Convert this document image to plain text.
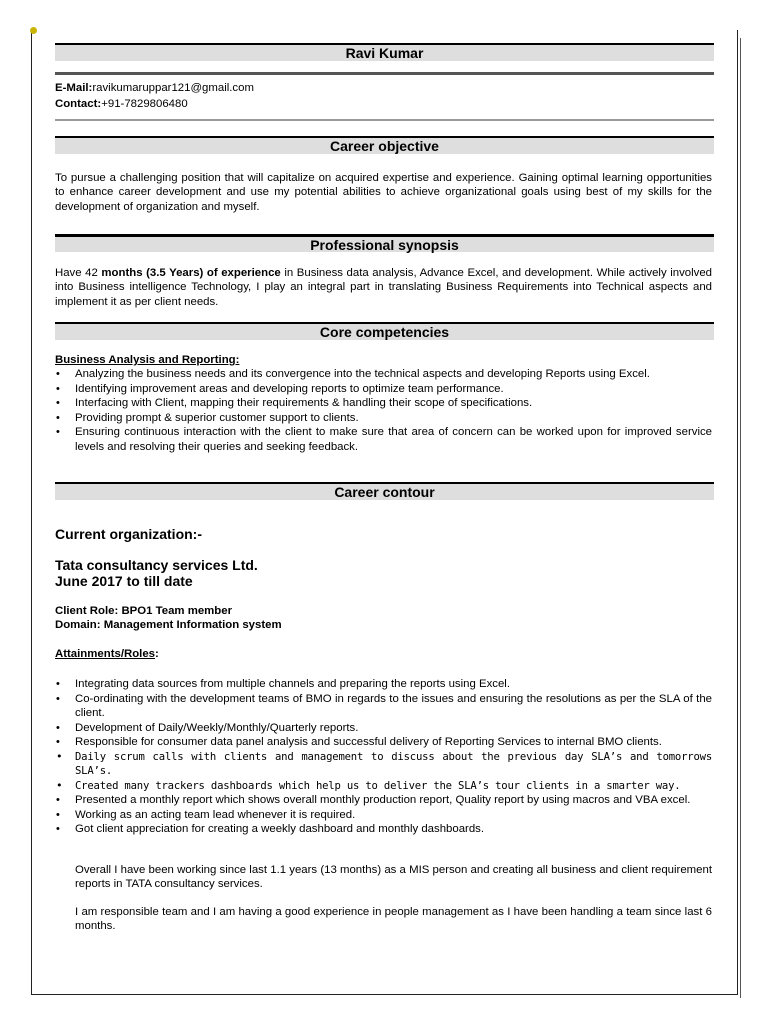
Ravi Kumar
E-Mail:ravikumaruppar121@gmail.com
Contact:+91-7829806480
Career objective
To pursue a challenging position that will capitalize on acquired expertise and experience. Gaining optimal learning opportunities to enhance career development and use my potential abilities to achieve organizational goals using best of my skills for the development of organization and myself.
Professional synopsis
Have 42 months (3.5 Years) of experience in Business data analysis, Advance Excel, and development. While actively involved into Business intelligence Technology, I play an integral part in translating Business Requirements into Technical aspects and implement it as per client needs.
Core competencies
Business Analysis and Reporting:
• Analyzing the business needs and its convergence into the technical aspects and developing Reports using Excel.
• Identifying improvement areas and developing reports to optimize team performance.
• Interfacing with Client, mapping their requirements & handling their scope of specifications.
• Providing prompt & superior customer support to clients.
• Ensuring continuous interaction with the client to make sure that area of concern can be worked upon for improved service levels and resolving their queries and seeking feedback.
Career contour
Current organization:-
Tata consultancy services Ltd.
June 2017 to till date
Client Role: BPO1 Team member
Domain: Management Information system
Attainments/Roles:
• Integrating data sources from multiple channels and preparing the reports using Excel.
• Co-ordinating with the development teams of BMO in regards to the issues and ensuring the resolutions as per the SLA of the client.
• Development of Daily/Weekly/Monthly/Quarterly reports.
• Responsible for consumer data panel analysis and successful delivery of Reporting Services to internal BMO clients.
• Daily scrum calls with clients and management to discuss about the previous day SLA’s and tomorrows SLA’s.
• Created many trackers dashboards which help us to deliver the SLA’s tour clients in a smarter way.
• Presented a monthly report which shows overall monthly production report, Quality report by using macros and VBA excel.
• Working as an acting team lead whenever it is required.
• Got client appreciation for creating a weekly dashboard and monthly dashboards.
Overall I have been working since last 1.1 years (13 months) as a MIS person and creating all business and client requirement reports in TATA consultancy services.
I am responsible team and I am having a good experience in people management as I have been handling a team since last 6 months.
